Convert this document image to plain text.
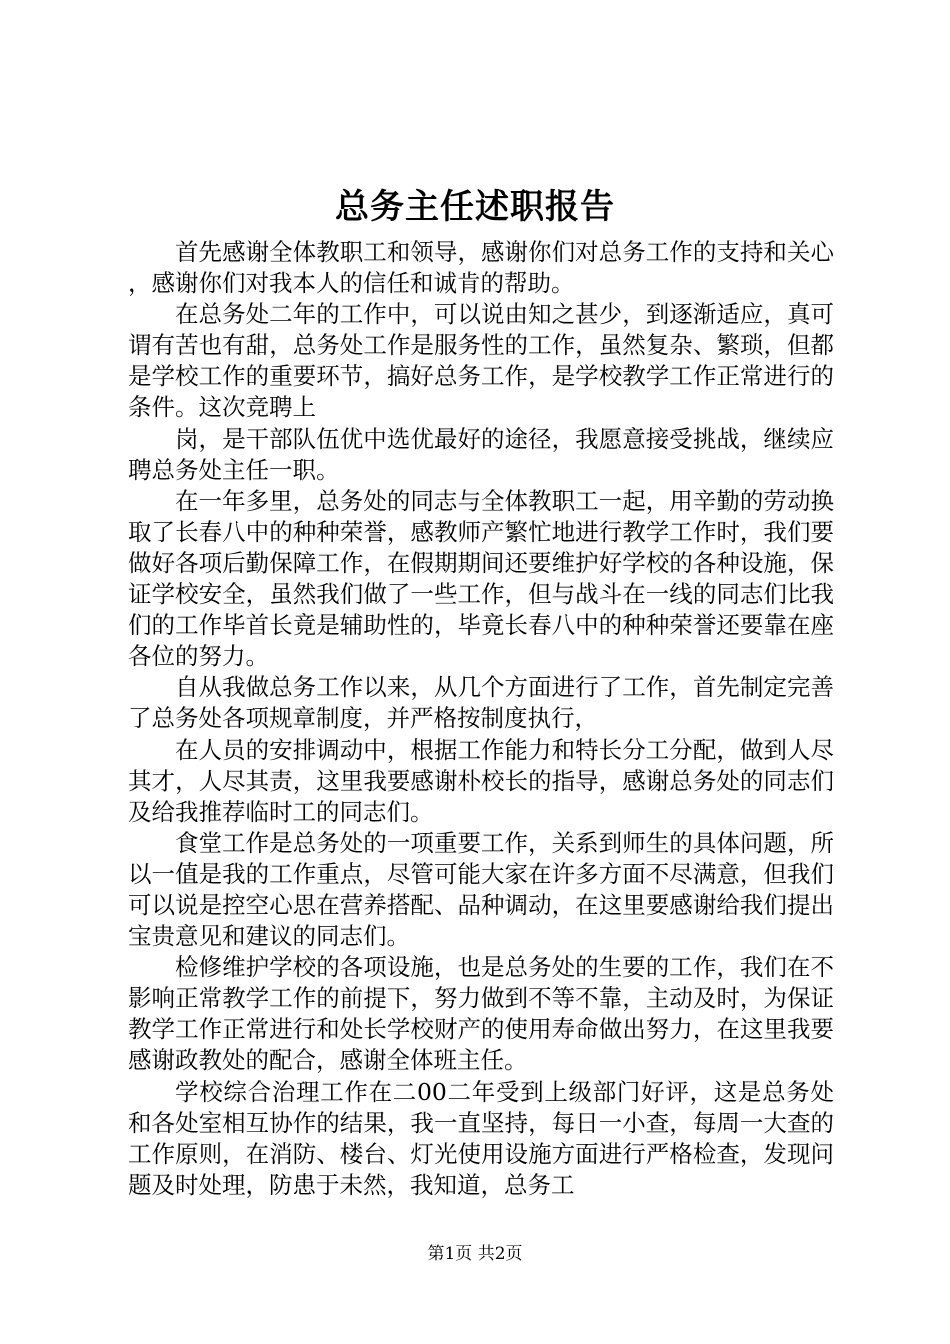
总务主任述职报告

首先感谢全体教职工和领导，感谢你们对总务工作的支持和关心，感谢你们对我本人的信任和诚肯的帮助。

在总务处二年的工作中，可以说由知之甚少，到逐渐适应，真可谓有苦也有甜，总务处工作是服务性的工作，虽然复杂、繁琐，但都是学校工作的重要环节，搞好总务工作，是学校教学工作正常进行的条件。这次竞聘上

岗，是干部队伍优中选优最好的途径，我愿意接受挑战，继续应聘总务处主任一职。

在一年多里，总务处的同志与全体教职工一起，用辛勤的劳动换取了长春八中的种种荣誉，感教师产繁忙地进行教学工作时，我们要做好各项后勤保障工作，在假期期间还要维护好学校的各种设施，保证学校安全，虽然我们做了一些工作，但与战斗在一线的同志们比我们的工作毕首长竟是辅助性的，毕竟长春八中的种种荣誉还要靠在座各位的努力。

自从我做总务工作以来，从几个方面进行了工作，首先制定完善了总务处各项规章制度，并严格按制度执行，

在人员的安排调动中，根据工作能力和特长分工分配，做到人尽其才，人尽其责，这里我要感谢朴校长的指导，感谢总务处的同志们及给我推荐临时工的同志们。

食堂工作是总务处的一项重要工作，关系到师生的具体问题，所以一值是我的工作重点，尽管可能大家在许多方面不尽满意，但我们可以说是控空心思在营养搭配、品种调动，在这里要感谢给我们提出宝贵意见和建议的同志们。

检修维护学校的各项设施，也是总务处的生要的工作，我们在不影响正常教学工作的前提下，努力做到不等不靠，主动及时，为保证教学工作正常进行和处长学校财产的使用寿命做出努力，在这里我要感谢政教处的配合，感谢全体班主任。

学校综合治理工作在二00二年受到上级部门好评，这是总务处和各处室相互协作的结果，我一直坚持，每日一小查，每周一大查的工作原则，在消防、楼台、灯光使用设施方面进行严格检查，发现问题及时处理，防患于未然，我知道，总务工

第1页 共2页
